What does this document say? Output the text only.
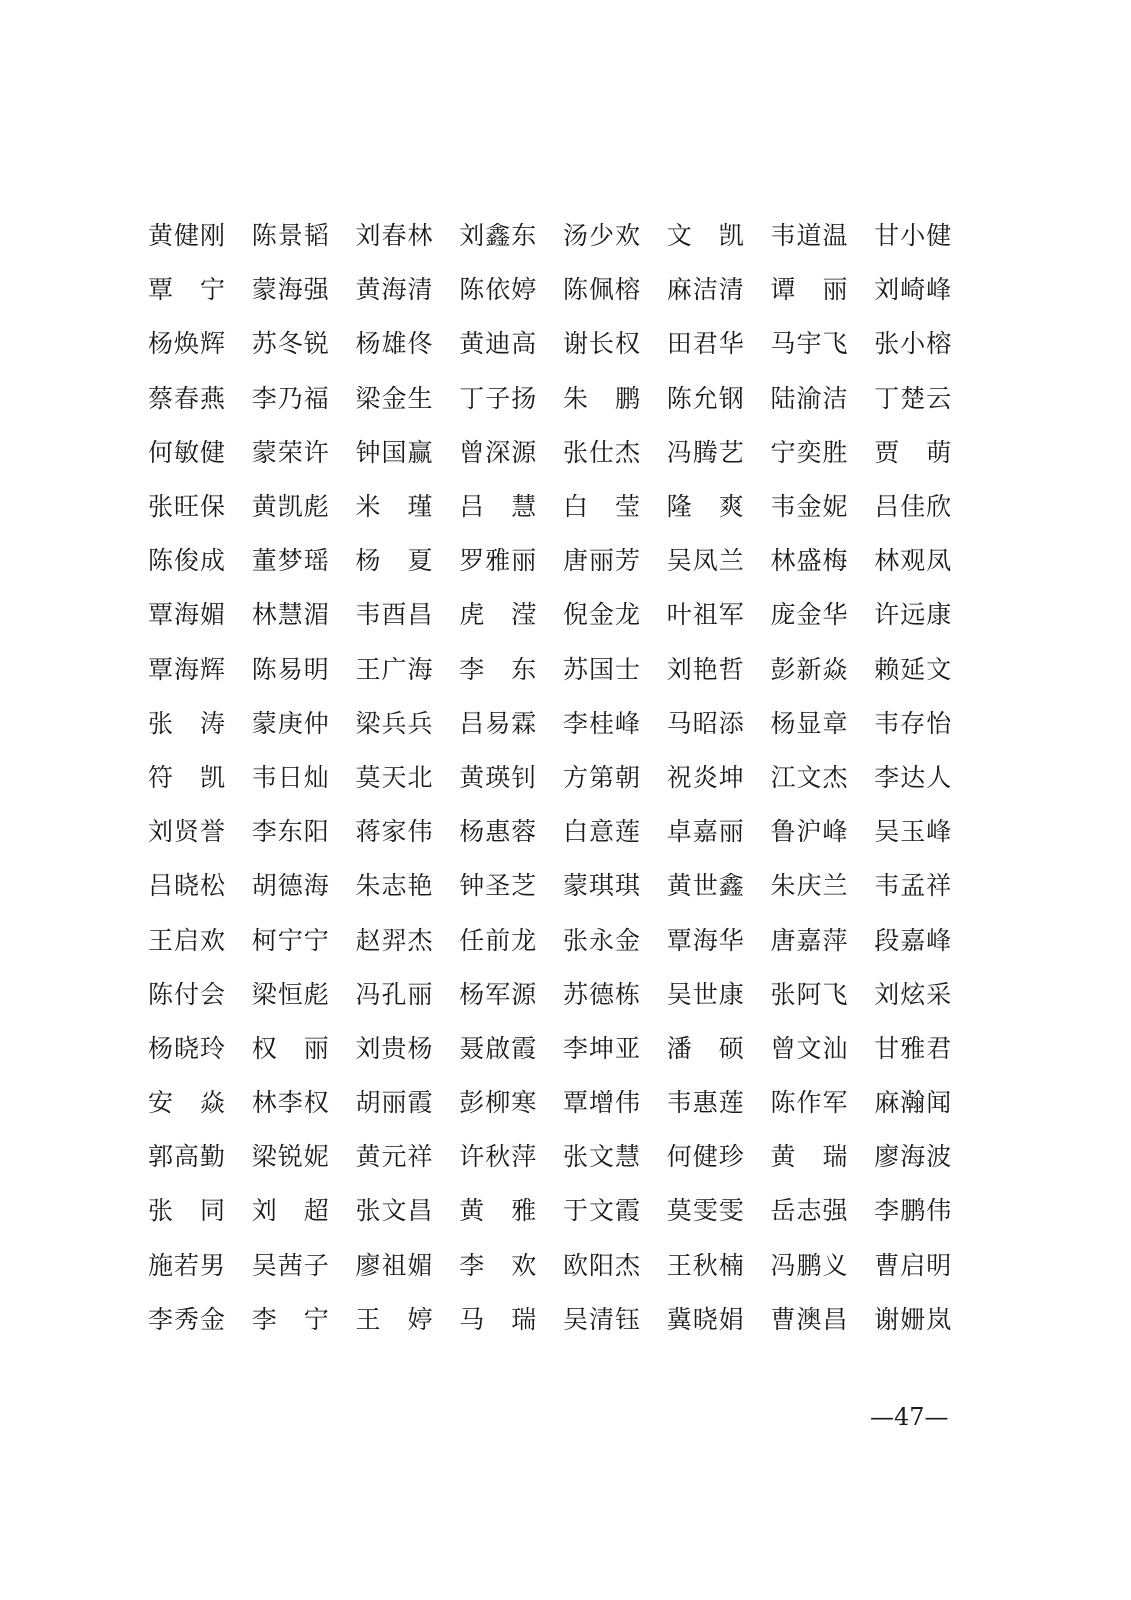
黄健刚	陈景韬	刘春林	刘鑫东	汤少欢	文　凯	韦道温	甘小健
覃　宁	蒙海强	黄海清	陈依婷	陈佩榕	麻洁清	谭　丽	刘崎峰
杨焕辉	苏冬锐	杨雄佟	黄迪高	谢长权	田君华	马宇飞	张小榕
蔡春燕	李乃福	梁金生	丁子扬	朱　鹏	陈允钢	陆渝洁	丁楚云
何敏健	蒙荣许	钟国赢	曾深源	张仕杰	冯腾艺	宁奕胜	贾　萌
张旺保	黄凯彪	米　瑾	吕　慧	白　莹	隆　爽	韦金妮	吕佳欣
陈俊成	董梦瑶	杨　夏	罗雅丽	唐丽芳	吴凤兰	林盛梅	林观凤
覃海媚	林慧湄	韦酉昌	虎　滢	倪金龙	叶祖军	庞金华	许远康
覃海辉	陈易明	王广海	李　东	苏国士	刘艳哲	彭新焱	赖延文
张　涛	蒙庚仲	梁兵兵	吕易霖	李桂峰	马昭添	杨显章	韦存怡
符　凯	韦日灿	莫天北	黄瑛钊	方第朝	祝炎坤	江文杰	李达人
刘贤誉	李东阳	蒋家伟	杨惠蓉	白意莲	卓嘉丽	鲁沪峰	吴玉峰
吕晓松	胡德海	朱志艳	钟圣芝	蒙琪琪	黄世鑫	朱庆兰	韦孟祥
王启欢	柯宁宁	赵羿杰	任前龙	张永金	覃海华	唐嘉萍	段嘉峰
陈付会	梁恒彪	冯孔丽	杨军源	苏德栋	吴世康	张阿飞	刘炫采
杨晓玲	权　丽	刘贵杨	聂啟霞	李坤亚	潘　硕	曾文汕	甘雅君
安　焱	林李权	胡丽霞	彭柳寒	覃增伟	韦惠莲	陈作军	麻瀚闻
郭高勤	梁锐妮	黄元祥	许秋萍	张文慧	何健珍	黄　瑞	廖海波
张　同	刘　超	张文昌	黄　雅	于文霞	莫雯雯	岳志强	李鹏伟
施若男	吴茜子	廖祖媚	李　欢	欧阳杰	王秋楠	冯鹏义	曹启明
李秀金	李　宁	王　婷	马　瑞	吴清钰	冀晓娟	曹澳昌	谢姗岚
—47—
